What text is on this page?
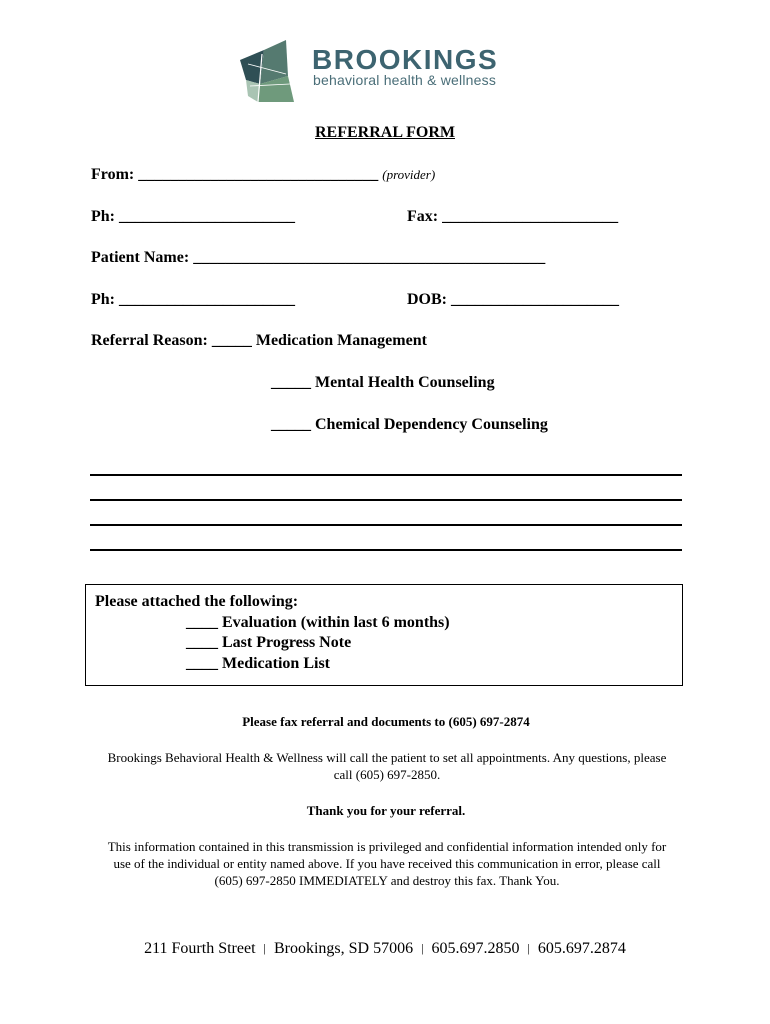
BROOKINGS
behavioral health & wellness
REFERRAL FORM
From: ______________________________ (provider)
Ph: ______________________	Fax: ______________________
Patient Name: ____________________________________________
Ph: ______________________	DOB: _____________________
Referral Reason: _____ Medication Management
_____ Mental Health Counseling
_____ Chemical Dependency Counseling
Please attached the following:
____ Evaluation (within last 6 months)
____ Last Progress Note
____ Medication List
Please fax referral and documents to (605) 697-2874
Brookings Behavioral Health & Wellness will call the patient to set all appointments. Any questions, please call (605) 697-2850.
Thank you for your referral.
This information contained in this transmission is privileged and confidential information intended only for use of the individual or entity named above. If you have received this communication in error, please call (605) 697-2850 IMMEDIATELY and destroy this fax. Thank You.
211 Fourth Street | Brookings, SD 57006 | 605.697.2850 | 605.697.2874
